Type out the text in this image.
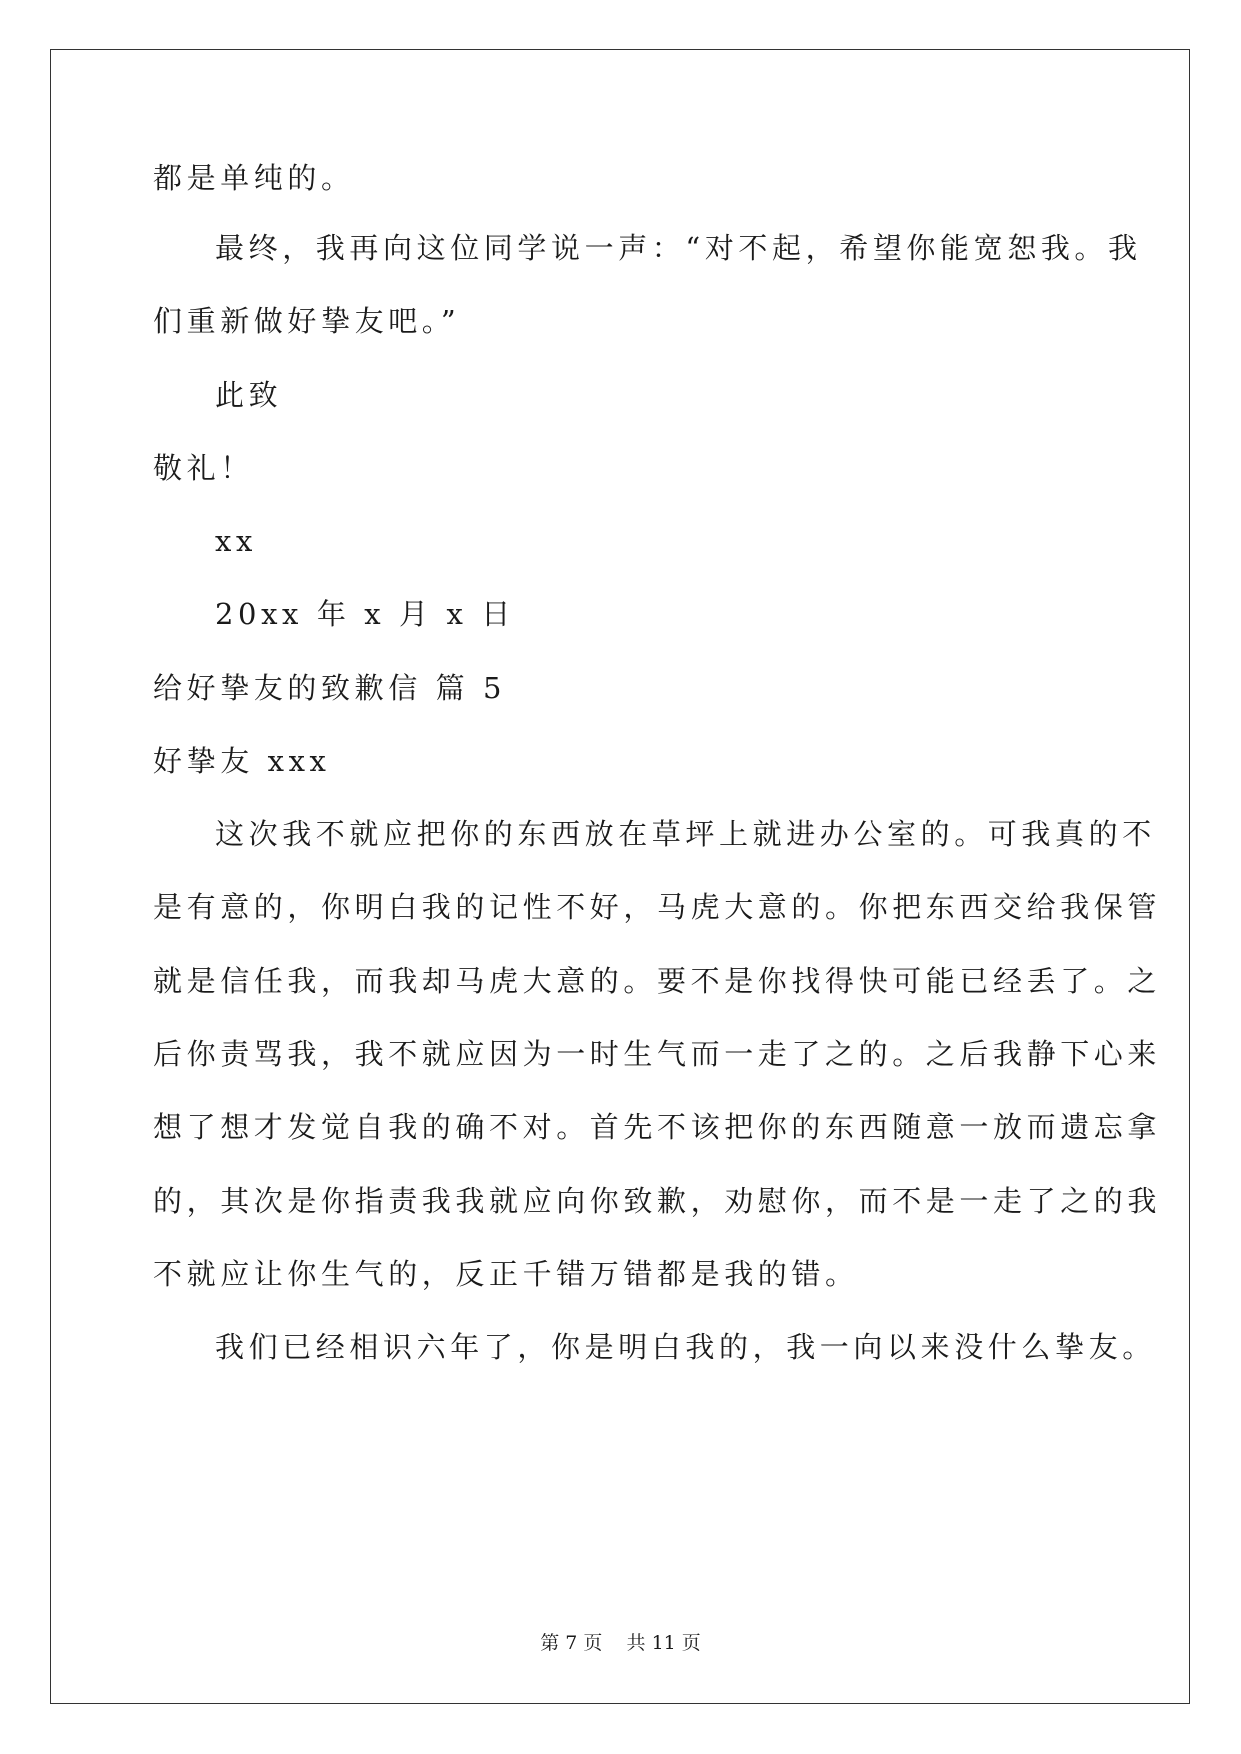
都是单纯的。
最终，我再向这位同学说一声：“对不起，希望你能宽恕我。我
们重新做好挚友吧。”
此致
敬礼！
xx
20xx 年 x 月 x 日
给好挚友的致歉信 篇 5
好挚友 xxx
这次我不就应把你的东西放在草坪上就进办公室的。可我真的不
是有意的，你明白我的记性不好，马虎大意的。你把东西交给我保管
就是信任我，而我却马虎大意的。要不是你找得快可能已经丢了。之
后你责骂我，我不就应因为一时生气而一走了之的。之后我静下心来
想了想才发觉自我的确不对。首先不该把你的东西随意一放而遗忘拿
的，其次是你指责我我就应向你致歉，劝慰你，而不是一走了之的我
不就应让你生气的，反正千错万错都是我的错。
我们已经相识六年了，你是明白我的，我一向以来没什么挚友。
第 7 页 共 11 页
